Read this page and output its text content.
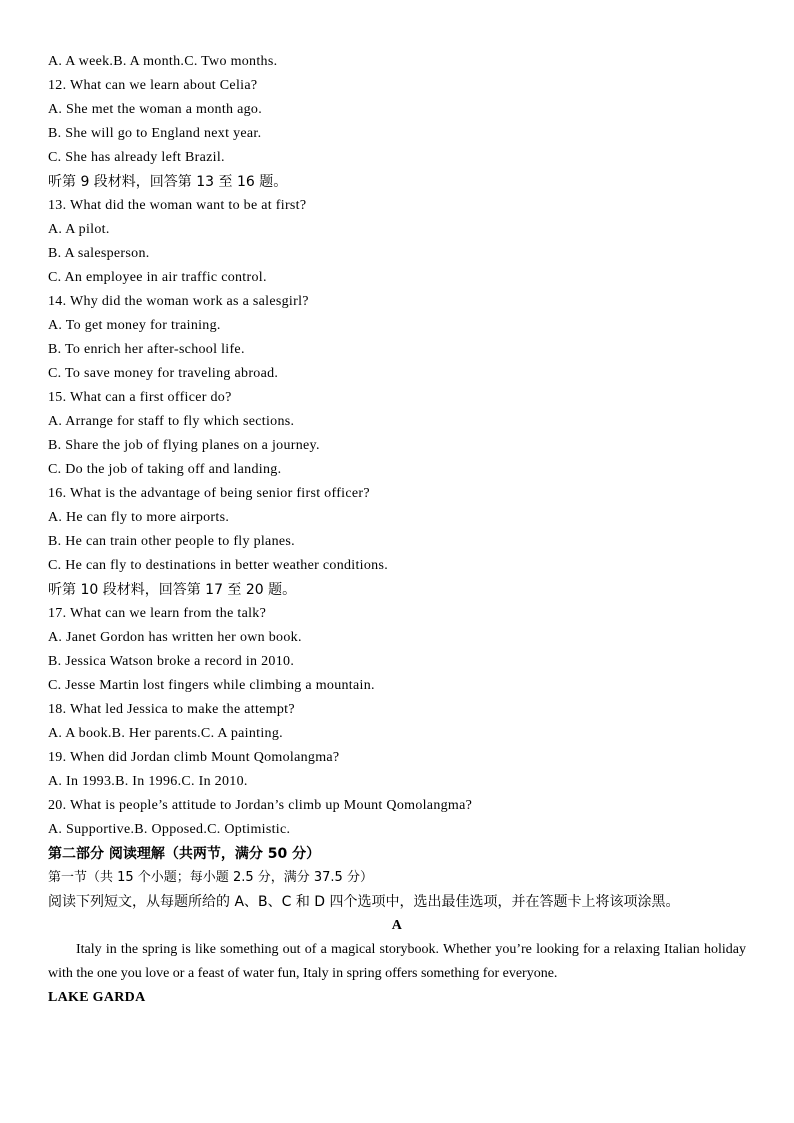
A. A week.B. A month.C. Two months.
12. What can we learn about Celia?
A. She met the woman a month ago.
B. She will go to England next year.
C. She has already left Brazil.
听第 9 段材料，回答第 13 至 16 题。
13. What did the woman want to be at first?
A. A pilot.
B. A salesperson.
C. An employee in air traffic control.
14. Why did the woman work as a salesgirl?
A. To get money for training.
B. To enrich her after-school life.
C. To save money for traveling abroad.
15. What can a first officer do?
A. Arrange for staff to fly which sections.
B. Share the job of flying planes on a journey.
C. Do the job of taking off and landing.
16. What is the advantage of being senior first officer?
A. He can fly to more airports.
B. He can train other people to fly planes.
C. He can fly to destinations in better weather conditions.
听第 10 段材料，回答第 17 至 20 题。
17. What can we learn from the talk?
A. Janet Gordon has written her own book.
B. Jessica Watson broke a record in 2010.
C. Jesse Martin lost fingers while climbing a mountain.
18. What led Jessica to make the attempt?
A. A book.B. Her parents.C. A painting.
19. When did Jordan climb Mount Qomolangma?
A. In 1993.B. In 1996.C. In 2010.
20. What is people’s attitude to Jordan’s climb up Mount Qomolangma?
A. Supportive.B. Opposed.C. Optimistic.
第二部分 阅读理解（共两节，满分 50 分）
第一节（共 15 个小题；每小题 2.5 分，满分 37.5 分）
阅读下列短文，从每题所给的 A、B、C 和 D 四个选项中，选出最佳选项，并在答题卡上将该项涂黑。
A
Italy in the spring is like something out of a magical storybook. Whether you’re looking for a relaxing Italian holiday with the one you love or a feast of water fun, Italy in spring offers something for everyone.
LAKE GARDA
